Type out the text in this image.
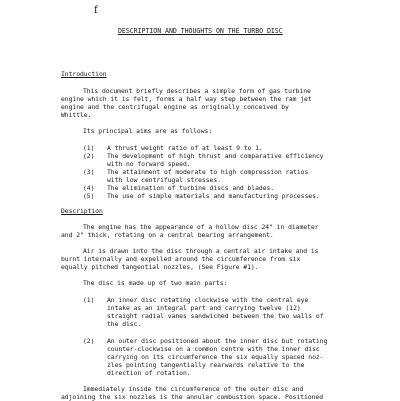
f
DESCRIPTION AND THOUGHTS ON THE TURBO DISC
Introduction
This document briefly describes a simple form of gas turbine
engine which it is felt, forms a half way step between the ram jet
engine and the centrifugal engine as originally conceived by
Whittle.
Its principal aims are as follows:
(1) A thrust weight ratio of at least 9 to 1.
(2) The development of high thrust and comparative efficiency
with no forward speed.
(3) The attainment of moderate to high compression ratios
with low centrifugal stresses.
(4) The elimination of turbine discs and blades.
(5) The use of simple materials and manufacturing processes.
Description
The engine has the appearance of a hollow disc 24" in diameter
and 2" thick, rotating on a central bearing arrangement.
Air is drawn into the disc through a central air intake and is
burnt internally and expelled around the circumference from six
equally pitched tangential nozzles, (See Figure #1).
The disc is made up of two main parts:
(1) An inner disc rotating clockwise with the central eye
intake as an integral part and carrying twelve (12)
straight radial vanes sandwiched between the two walls of
the disc.
(2) An outer disc positioned about the inner disc but rotating
counter-clockwise on a common centre with the inner disc
carrying on its circumference the six equally spaced noz-
zles pointing tangentially rearwards relative to the
direction of rotation.
Immediately inside the circumference of the outer disc and
adjoining the six nozzles is the annular combustion space. Positioned
